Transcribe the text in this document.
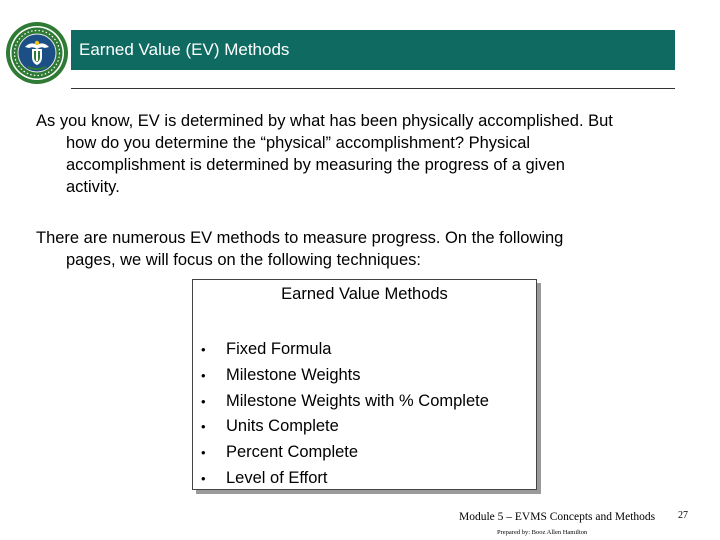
Earned Value (EV) Methods
As you know, EV is determined by what has been physically accomplished. But
how do you determine the “physical” accomplishment? Physical
accomplishment is determined by measuring the progress of a given
activity.
There are numerous EV methods to measure progress. On the following
pages, we will focus on the following techniques:
Earned Value Methods
• Fixed Formula
• Milestone Weights
• Milestone Weights with % Complete
• Units Complete
• Percent Complete
• Level of Effort
Module 5 – EVMS Concepts and Methods
Prepared by: Booz Allen Hamilton
27
